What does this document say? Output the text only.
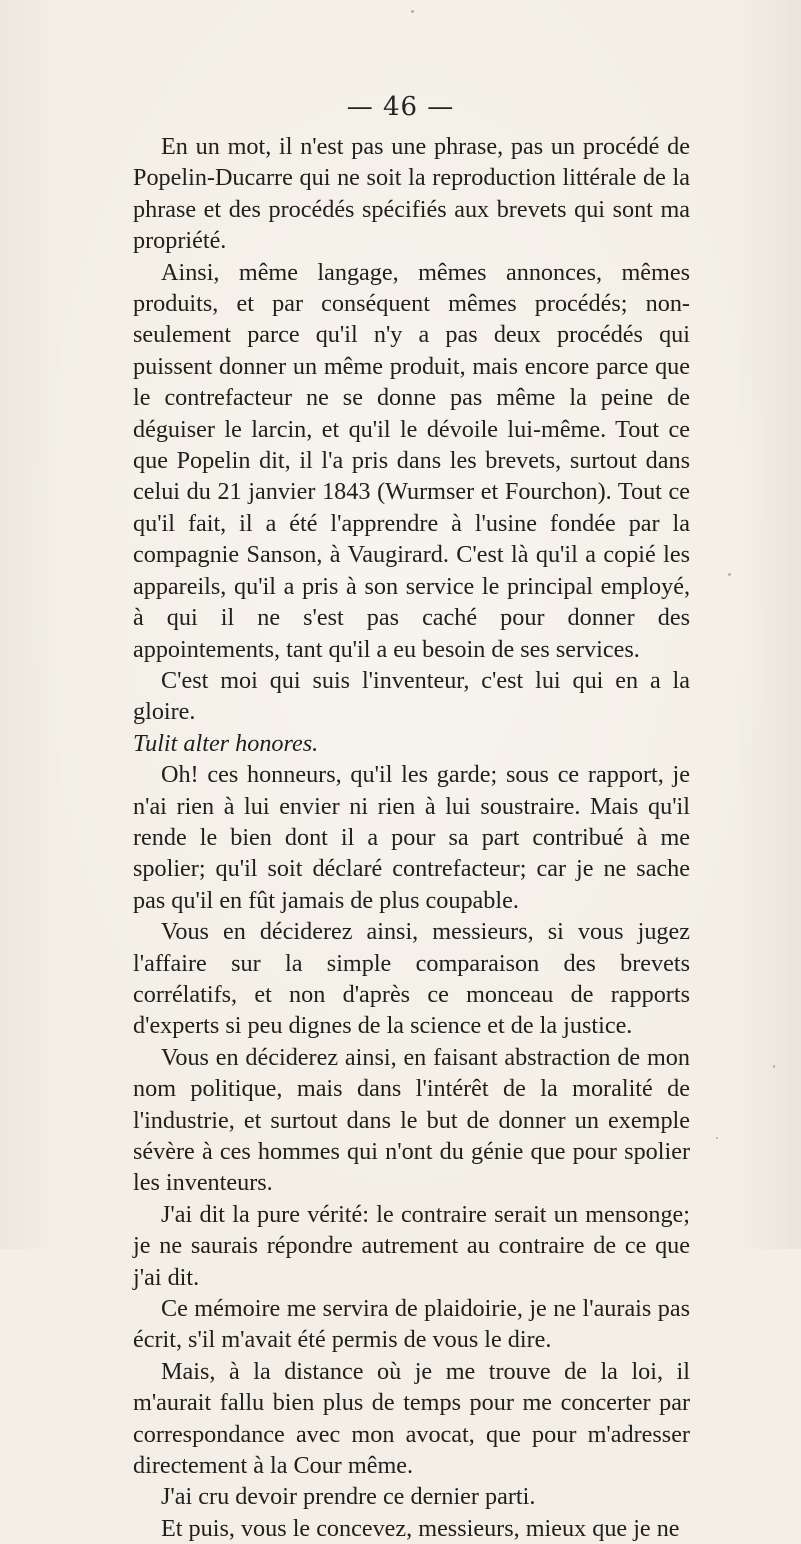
— 46 —

En un mot, il n'est pas une phrase, pas un procédé de Popelin-Ducarre qui ne soit la reproduction littérale de la phrase et des procédés spécifiés aux brevets qui sont ma propriété.

Ainsi, même langage, mêmes annonces, mêmes produits, et par conséquent mêmes procédés; non-seulement parce qu'il n'y a pas deux procédés qui puissent donner un même produit, mais encore parce que le contrefacteur ne se donne pas même la peine de déguiser le larcin, et qu'il le dévoile lui-même. Tout ce que Popelin dit, il l'a pris dans les brevets, surtout dans celui du 21 janvier 1843 (Wurmser et Fourchon). Tout ce qu'il fait, il a été l'apprendre à l'usine fondée par la compagnie Sanson, à Vaugirard. C'est là qu'il a copié les appareils, qu'il a pris à son service le principal employé, à qui il ne s'est pas caché pour donner des appointements, tant qu'il a eu besoin de ses services.

C'est moi qui suis l'inventeur, c'est lui qui en a la gloire.

Tulit alter honores.

Oh! ces honneurs, qu'il les garde; sous ce rapport, je n'ai rien à lui envier ni rien à lui soustraire. Mais qu'il rende le bien dont il a pour sa part contribué à me spolier; qu'il soit déclaré contrefacteur; car je ne sache pas qu'il en fût jamais de plus coupable.

Vous en déciderez ainsi, messieurs, si vous jugez l'affaire sur la simple comparaison des brevets corrélatifs, et non d'après ce monceau de rapports d'experts si peu dignes de la science et de la justice.

Vous en déciderez ainsi, en faisant abstraction de mon nom politique, mais dans l'intérêt de la moralité de l'industrie, et surtout dans le but de donner un exemple sévère à ces hommes qui n'ont du génie que pour spolier les inventeurs.

J'ai dit la pure vérité: le contraire serait un mensonge; je ne saurais répondre autrement au contraire de ce que j'ai dit.

Ce mémoire me servira de plaidoirie, je ne l'aurais pas écrit, s'il m'avait été permis de vous le dire.

Mais, à la distance où je me trouve de la loi, il m'aurait fallu bien plus de temps pour me concerter par correspondance avec mon avocat, que pour m'adresser directement à la Cour même.

J'ai cru devoir prendre ce dernier parti.

Et puis, vous le concevez, messieurs, mieux que je ne
